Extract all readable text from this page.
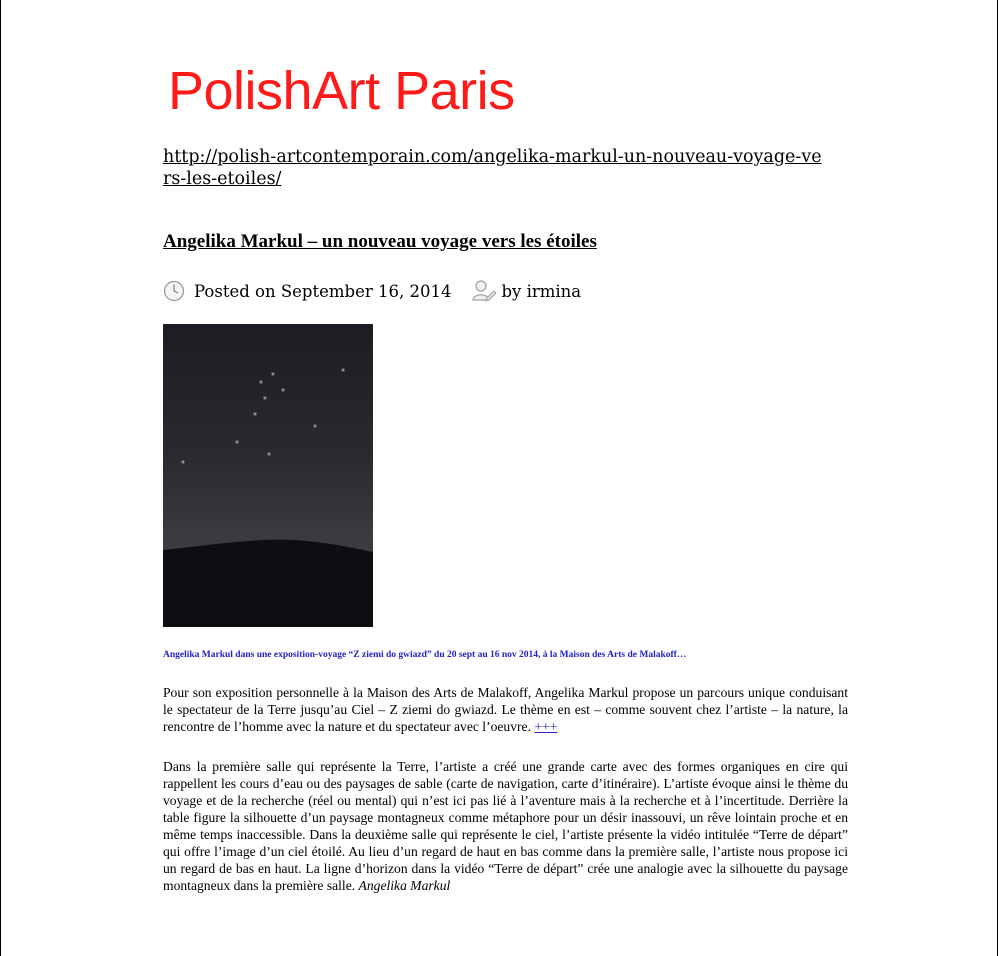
PolishArt Paris
http://polish-artcontemporain.com/angelika-markul-un-nouveau-voyage-vers-les-etoiles/
Angelika Markul – un nouveau voyage vers les étoiles
Posted on September 16, 2014	by irmina
Angelika Markul dans une exposition-voyage “Z ziemi do gwiazd” du 20 sept au 16 nov 2014, à la Maison des Arts de Malakoff…

Pour son exposition personnelle à la Maison des Arts de Malakoff, Angelika Markul propose un parcours unique conduisant le spectateur de la Terre jusqu’au Ciel – Z ziemi do gwiazd. Le thème en est – comme souvent chez l’artiste – la nature, la rencontre de l’homme avec la nature et du spectateur avec l’oeuvre. +++

Dans la première salle qui représente la Terre, l’artiste a créé une grande carte avec des formes organiques en cire qui rappellent les cours d’eau ou des paysages de sable (carte de navigation, carte d’itinéraire). L’artiste évoque ainsi le thème du voyage et de la recherche (réel ou mental) qui n’est ici pas lié à l’aventure mais à la recherche et à l’incertitude. Derrière la table figure la silhouette d’un paysage montagneux comme métaphore pour un désir inassouvi, un rêve lointain proche et en même temps inaccessible. Dans la deuxième salle qui représente le ciel, l’artiste présente la vidéo intitulée “Terre de départ” qui offre l’image d’un ciel étoilé. Au lieu d’un regard de haut en bas comme dans la première salle, l’artiste nous propose ici un regard de bas en haut. La ligne d’horizon dans la vidéo “Terre de départ” crée une analogie avec la silhouette du paysage montagneux dans la première salle. Angelika Markul
